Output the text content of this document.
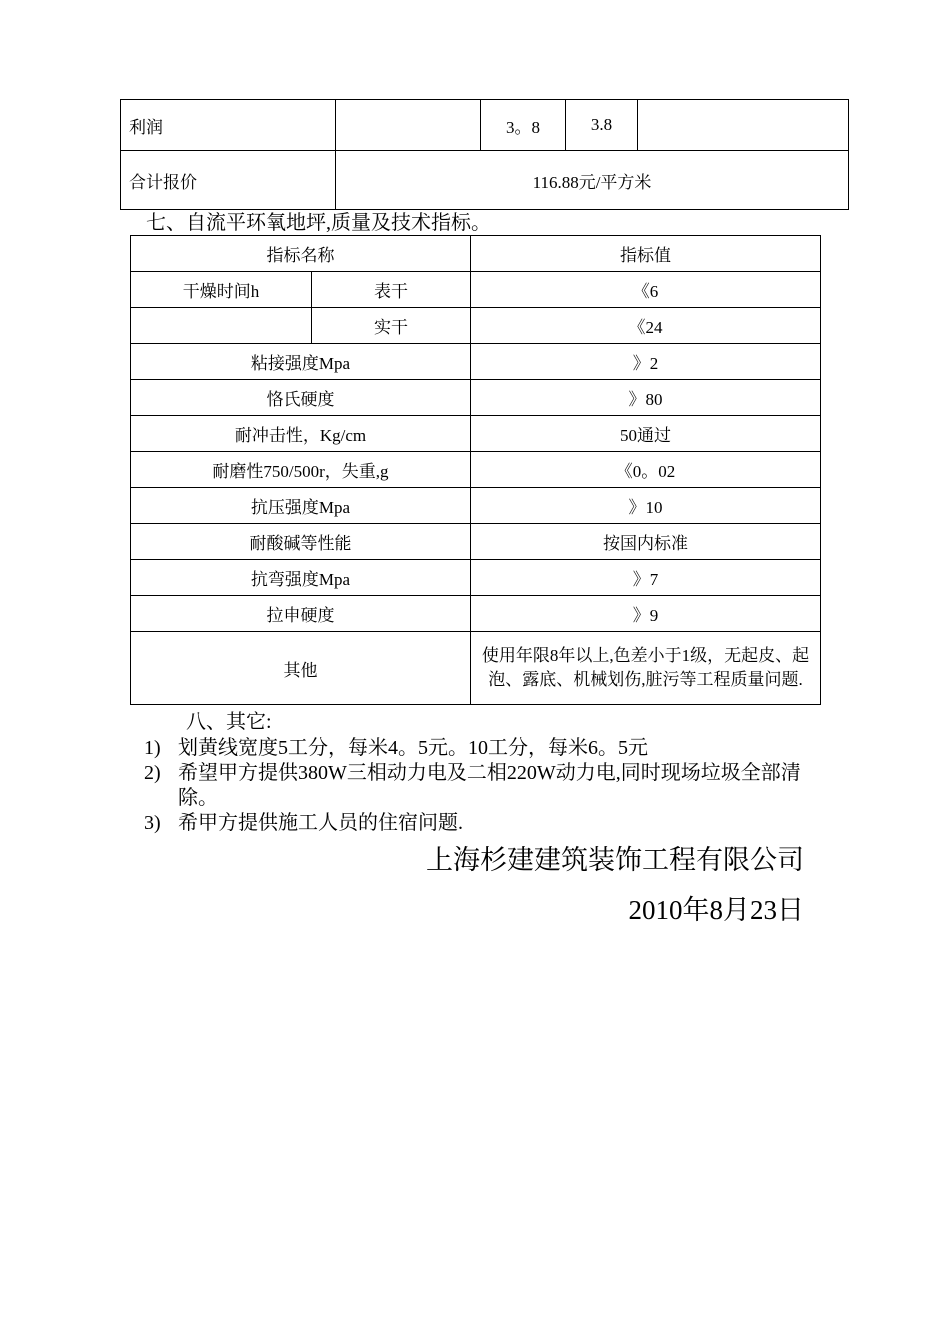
利润		3。8	3.8	
合计报价	116.88元/平方米			
七、自流平环氧地坪,质量及技术指标。
指标名称		指标值
干燥时间h	表干	《6
	实干	《24
粘接强度Mpa		》2
恪氏硬度		》80
耐冲击性，Kg/cm		50通过
耐磨性750/500r，失重,g		《0。02
抗压强度Mpa		》10
耐酸碱等性能		按国内标准
抗弯强度Mpa		》7
拉申硬度		》9
其他		使用年限8年以上,色差小于1级，无起皮、起泡、露底、机械划伤,脏污等工程质量问题.
八、其它:
1) 划黄线宽度5工分，每米4。5元。10工分，每米6。5元
2) 希望甲方提供380W三相动力电及二相220W动力电,同时现场垃圾全部清除。
3) 希甲方提供施工人员的住宿问题.
上海杉建建筑装饰工程有限公司
2010年8月23日
